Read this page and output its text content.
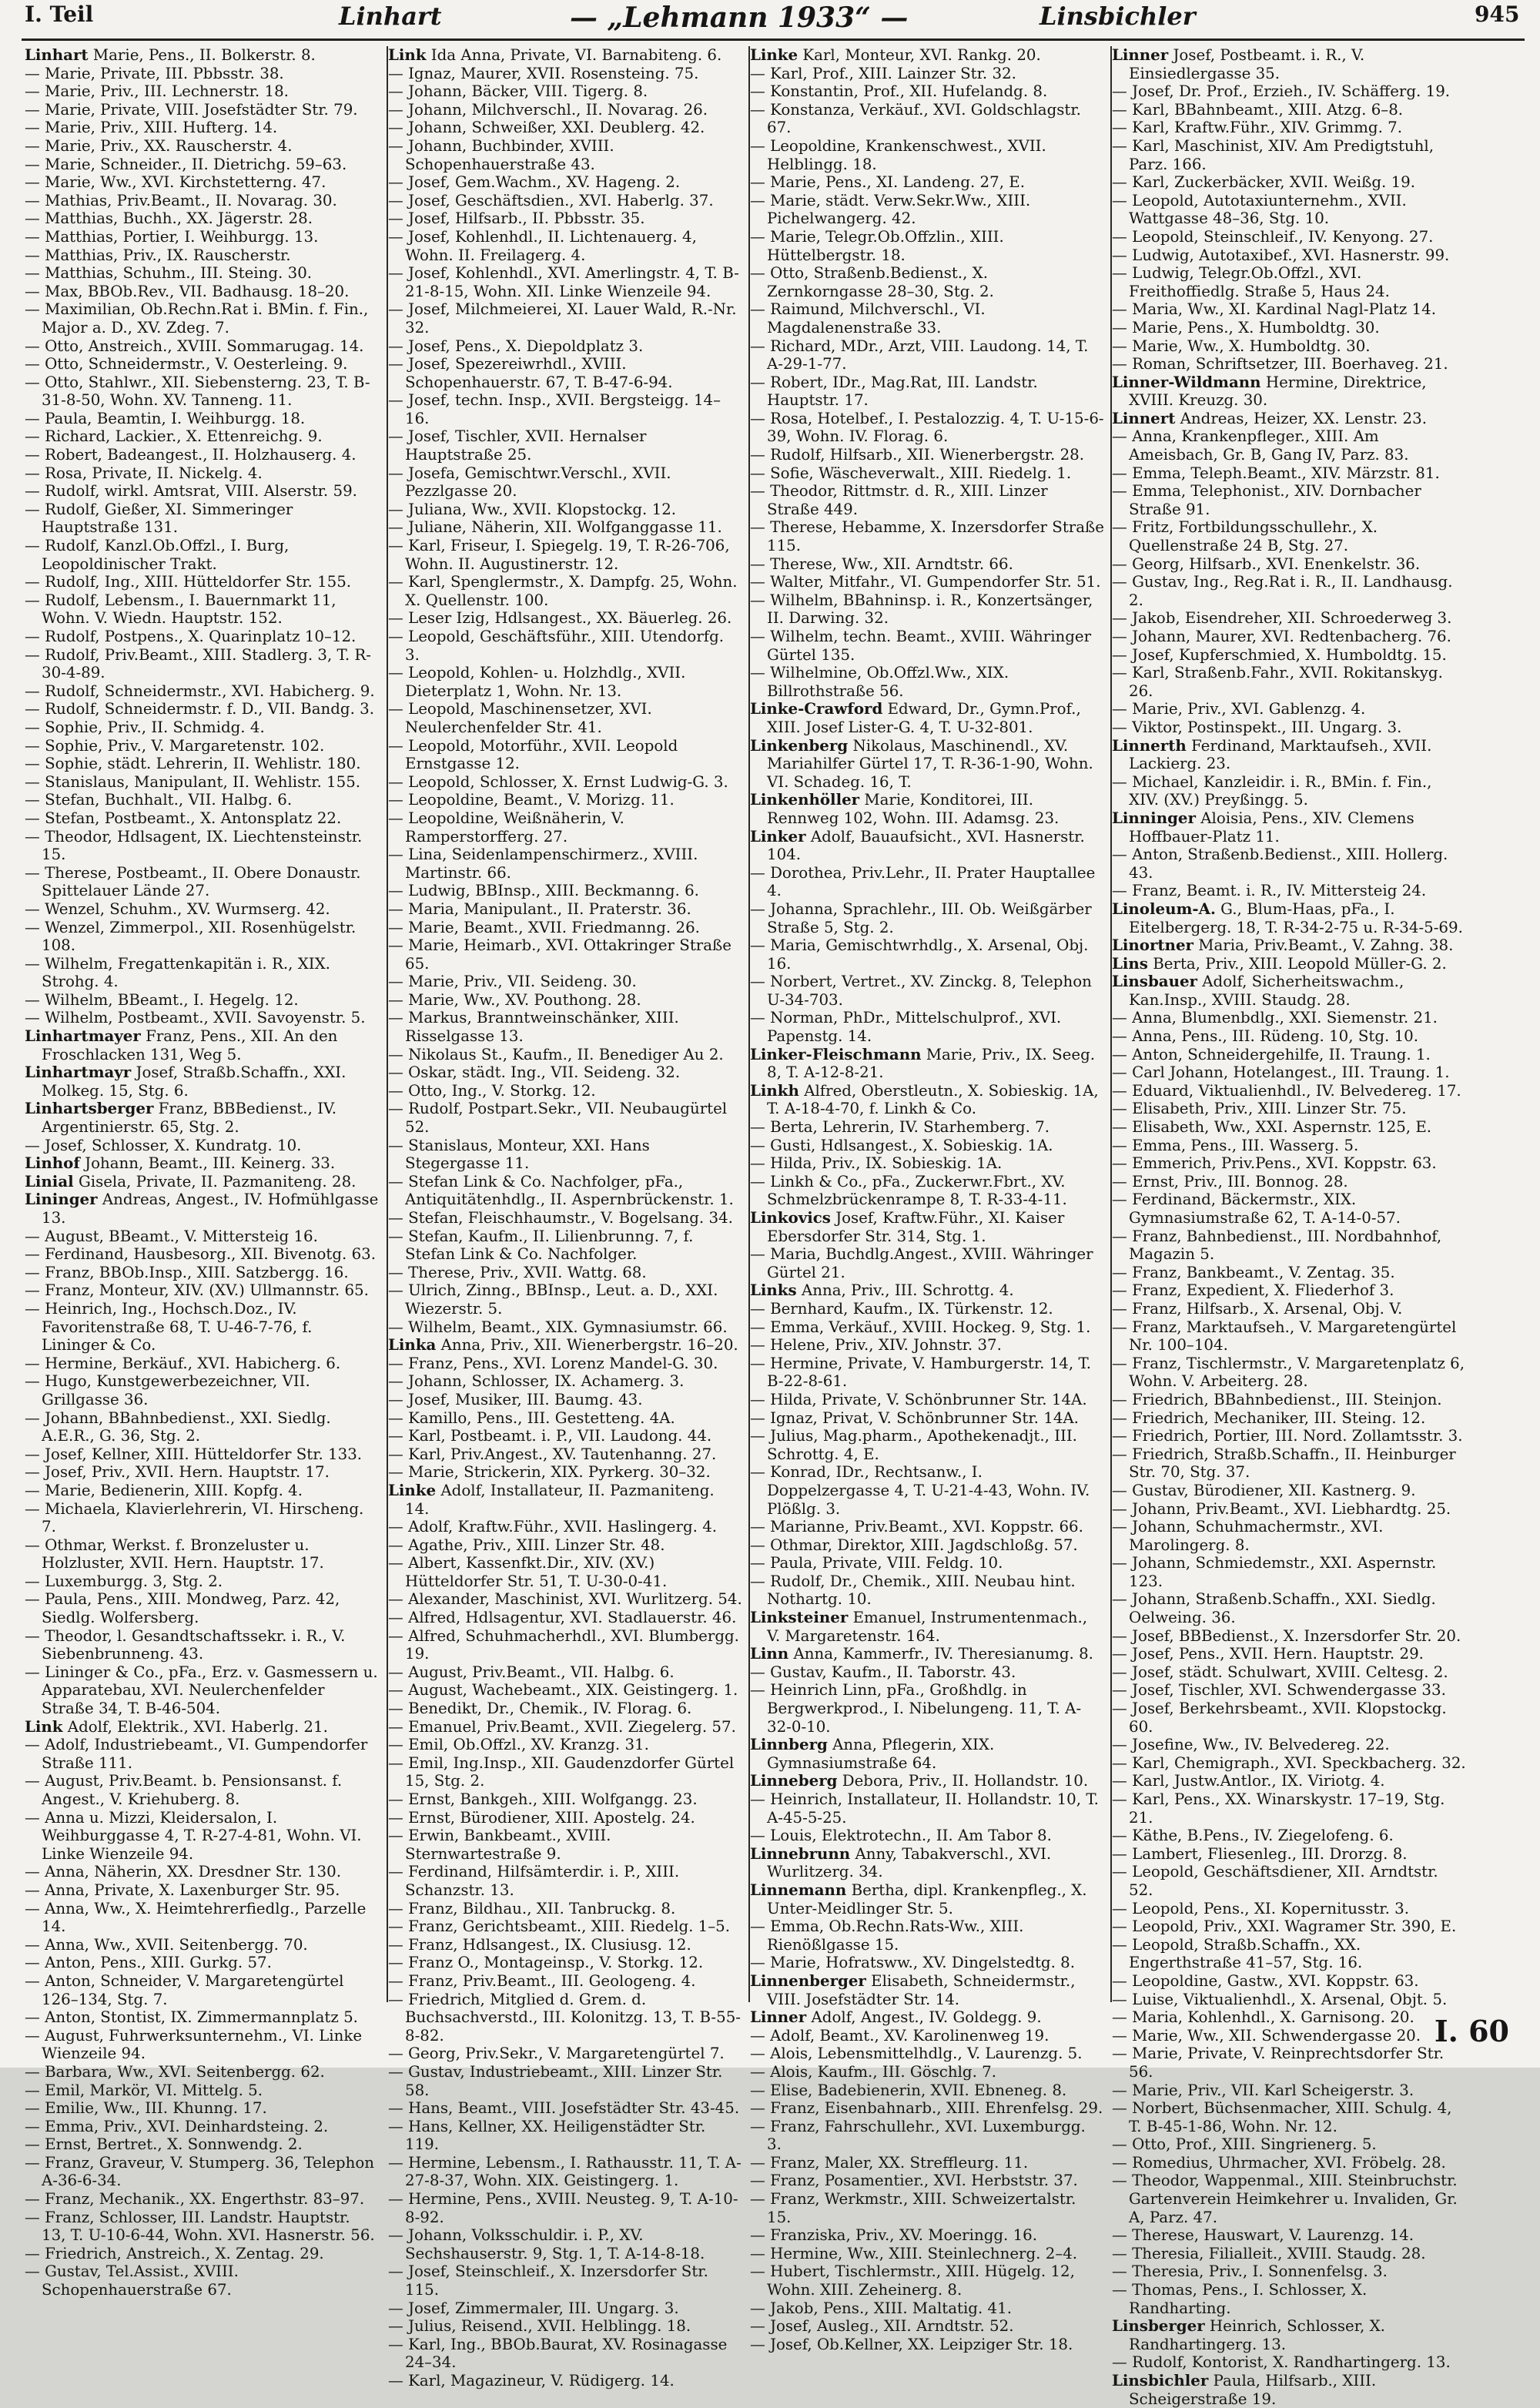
I. Teil	Linhart	— „Lehmann 1933“ —	Linsbichler	945
Linhart Marie, Pens., II. Bolkerstr. 8.
— Marie, Private, III. Pbbsstr. 38.
— Marie, Priv., III. Lechnerstr. 18.
— Marie, Private, VIII. Josefstädter Str. 79.
— Marie, Priv., XIII. Hufterg. 14.
— Marie, Priv., XX. Rauscherstr. 4.
— Marie, Schneider., II. Dietrichg. 59–63.
— Marie, Ww., XVI. Kirchstetterng. 47.
— Mathias, Priv.Beamt., II. Novarag. 30.
— Matthias, Buchh., XX. Jägerstr. 28.
— Matthias, Portier, I. Weihburgg. 13.
— Matthias, Priv., IX. Rauscherstr.
— Matthias, Schuhm., III. Steing. 30.
— Max, BBOb.Rev., VII. Badhausg. 18–20.
— Maximilian, Ob.Rechn.Rat i. BMin. f. Fin., Major a. D., XV. Zdeg. 7.
— Otto, Anstreich., XVIII. Sommarugag. 14.
— Otto, Schneidermstr., V. Oesterleing. 9.
— Otto, Stahlwr., XII. Siebensterng. 23, T. B-31-8-50, Wohn. XV. Tanneng. 11.
— Paula, Beamtin, I. Weihburgg. 18.
— Richard, Lackier., X. Ettenreichg. 9.
— Robert, Badeangest., II. Holzhauserg. 4.
— Rosa, Private, II. Nickelg. 4.
— Rudolf, wirkl. Amtsrat, VIII. Alserstr. 59.
— Rudolf, Gießer, XI. Simmeringer Hauptstraße 131.
— Rudolf, Kanzl.Ob.Offzl., I. Burg, Leopoldinischer Trakt.
— Rudolf, Ing., XIII. Hütteldorfer Str. 155.
— Rudolf, Lebensm., I. Bauernmarkt 11, Wohn. V. Wiedn. Hauptstr. 152.
— Rudolf, Postpens., X. Quarinplatz 10–12.
— Rudolf, Priv.Beamt., XIII. Stadlerg. 3, T. R-30-4-89.
— Rudolf, Schneidermstr., XVI. Habicherg. 9.
— Rudolf, Schneidermstr. f. D., VII. Bandg. 3.
— Sophie, Priv., II. Schmidg. 4.
— Sophie, Priv., V. Margaretenstr. 102.
— Sophie, städt. Lehrerin, II. Wehlistr. 180.
— Stanislaus, Manipulant, II. Wehlistr. 155.
— Stefan, Buchhalt., VII. Halbg. 6.
— Stefan, Postbeamt., X. Antonsplatz 22.
— Theodor, Hdlsagent, IX. Liechtensteinstr. 15.
— Therese, Postbeamt., II. Obere Donaustr. Spittelauer Lände 27.
— Wenzel, Schuhm., XV. Wurmserg. 42.
— Wenzel, Zimmerpol., XII. Rosenhügelstr. 108.
— Wilhelm, Fregattenkapitän i. R., XIX. Strohg. 4.
— Wilhelm, BBeamt., I. Hegelg. 12.
— Wilhelm, Postbeamt., XVII. Savoyenstr. 5.
Linhartmayer Franz, Pens., XII. An den Froschlacken 131, Weg 5.
Linhartmayr Josef, Straßb.Schaffn., XXI. Molkeg. 15, Stg. 6.
Linhartsberger Franz, BBBedienst., IV. Argentinierstr. 65, Stg. 2.
— Josef, Schlosser, X. Kundratg. 10.
Linhof Johann, Beamt., III. Keinerg. 33.
Linial Gisela, Private, II. Pazmaniteng. 28.
Lininger Andreas, Angest., IV. Hofmühlgasse 13.
— August, BBeamt., V. Mittersteig 16.
— Ferdinand, Hausbesorg., XII. Bivenotg. 63.
— Franz, BBOb.Insp., XIII. Satzbergg. 16.
— Franz, Monteur, XIV. (XV.) Ullmannstr. 65.
— Heinrich, Ing., Hochsch.Doz., IV. Favoritenstraße 68, T. U-46-7-76, f. Lininger & Co.
— Hermine, Berkäuf., XVI. Habicherg. 6.
— Hugo, Kunstgewerbezeichner, VII. Grillgasse 36.
— Johann, BBahnbedienst., XXI. Siedlg. A.E.R., G. 36, Stg. 2.
— Josef, Kellner, XIII. Hütteldorfer Str. 133.
— Josef, Priv., XVII. Hern. Hauptstr. 17.
— Marie, Bedienerin, XIII. Kopfg. 4.
— Michaela, Klavierlehrerin, VI. Hirscheng. 7.
— Othmar, Werkst. f. Bronzeluster u. Holzluster, XVII. Hern. Hauptstr. 17.
— Luxemburgg. 3, Stg. 2.
— Paula, Pens., XIII. Mondweg, Parz. 42, Siedlg. Wolfersberg.
— Theodor, l. Gesandtschaftssekr. i. R., V. Siebenbrunneng. 43.
— Lininger & Co., pFa., Erz. v. Gasmessern u. Apparatebau, XVI. Neulerchenfelder Straße 34, T. B-46-504.
Link Adolf, Elektrik., XVI. Haberlg. 21.
— Adolf, Industriebeamt., VI. Gumpendorfer Straße 111.
— August, Priv.Beamt. b. Pensionsanst. f. Angest., V. Kriehuberg. 8.
— Anna u. Mizzi, Kleidersalon, I. Weihburggasse 4, T. R-27-4-81, Wohn. VI. Linke Wienzeile 94.
— Anna, Näherin, XX. Dresdner Str. 130.
— Anna, Private, X. Laxenburger Str. 95.
— Anna, Ww., X. Heimtehrerfiedlg., Parzelle 14.
— Anna, Ww., XVII. Seitenbergg. 70.
— Anton, Pens., XIII. Gurkg. 57.
— Anton, Schneider, V. Margaretengürtel 126–134, Stg. 7.
— Anton, Stontist, IX. Zimmermannplatz 5.
— August, Fuhrwerksunternehm., VI. Linke Wienzeile 94.
— Barbara, Ww., XVI. Seitenbergg. 62.
— Emil, Markör, VI. Mittelg. 5.
— Emilie, Ww., III. Khunng. 17.
— Emma, Priv., XVI. Deinhardsteing. 2.
— Ernst, Bertret., X. Sonnwendg. 2.
— Franz, Graveur, V. Stumperg. 36, Telephon A-36-6-34.
— Franz, Mechanik., XX. Engerthstr. 83–97.
— Franz, Schlosser, III. Landstr. Hauptstr. 13, T. U-10-6-44, Wohn. XVI. Hasnerstr. 56.
— Friedrich, Anstreich., X. Zentag. 29.
— Gustav, Tel.Assist., XVIII. Schopenhauerstraße 67.
Link Ida Anna, Private, VI. Barnabiteng. 6.
— Ignaz, Maurer, XVII. Rosensteing. 75.
— Johann, Bäcker, VIII. Tigerg. 8.
— Johann, Milchverschl., II. Novarag. 26.
— Johann, Schweißer, XXI. Deublerg. 42.
— Johann, Buchbinder, XVIII. Schopenhauerstraße 43.
— Josef, Gem.Wachm., XV. Hageng. 2.
— Josef, Geschäftsdien., XVI. Haberlg. 37.
— Josef, Hilfsarb., II. Pbbsstr. 35.
— Josef, Kohlenhdl., II. Lichtenauerg. 4, Wohn. II. Freilagerg. 4.
— Josef, Kohlenhdl., XVI. Amerlingstr. 4, T. B-21-8-15, Wohn. XII. Linke Wienzeile 94.
— Josef, Milchmeierei, XI. Lauer Wald, R.-Nr. 32.
— Josef, Pens., X. Diepoldplatz 3.
— Josef, Spezereiwrhdl., XVIII. Schopenhauerstr. 67, T. B-47-6-94.
— Josef, techn. Insp., XVII. Bergsteigg. 14–16.
— Josef, Tischler, XVII. Hernalser Hauptstraße 25.
— Josefa, Gemischtwr.Verschl., XVII. Pezzlgasse 20.
— Juliana, Ww., XVII. Klopstockg. 12.
— Juliane, Näherin, XII. Wolfganggasse 11.
— Karl, Friseur, I. Spiegelg. 19, T. R-26-706, Wohn. II. Augustinerstr. 12.
— Karl, Spenglermstr., X. Dampfg. 25, Wohn. X. Quellenstr. 100.
— Leser Izig, Hdlsangest., XX. Bäuerleg. 26.
— Leopold, Geschäftsführ., XIII. Utendorfg. 3.
— Leopold, Kohlen- u. Holzhdlg., XVII. Dieterplatz 1, Wohn. Nr. 13.
— Leopold, Maschinensetzer, XVI. Neulerchenfelder Str. 41.
— Leopold, Motorführ., XVII. Leopold Ernstgasse 12.
— Leopold, Schlosser, X. Ernst Ludwig-G. 3.
— Leopoldine, Beamt., V. Morizg. 11.
— Leopoldine, Weißnäherin, V. Ramperstorfferg. 27.
— Lina, Seidenlampenschirmerz., XVIII. Martinstr. 66.
— Ludwig, BBInsp., XIII. Beckmanng. 6.
— Maria, Manipulant., II. Praterstr. 36.
— Marie, Beamt., XVII. Friedmanng. 26.
— Marie, Heimarb., XVI. Ottakringer Straße 65.
— Marie, Priv., VII. Seideng. 30.
— Marie, Ww., XV. Pouthong. 28.
— Markus, Branntweinschänker, XIII. Risselgasse 13.
— Nikolaus St., Kaufm., II. Benediger Au 2.
— Oskar, städt. Ing., VII. Seideng. 32.
— Otto, Ing., V. Storkg. 12.
— Rudolf, Postpart.Sekr., VII. Neubaugürtel 52.
— Stanislaus, Monteur, XXI. Hans Stegergasse 11.
— Stefan Link & Co. Nachfolger, pFa., Antiquitätenhdlg., II. Aspernbrückenstr. 1.
— Stefan, Fleischhaumstr., V. Bogelsang. 34.
— Stefan, Kaufm., II. Lilienbrunng. 7, f. Stefan Link & Co. Nachfolger.
— Therese, Priv., XVII. Wattg. 68.
— Ulrich, Zinng., BBInsp., Leut. a. D., XXI. Wiezerstr. 5.
— Wilhelm, Beamt., XIX. Gymnasiumstr. 66.
Linka Anna, Priv., XII. Wienerbergstr. 16–20.
— Franz, Pens., XVI. Lorenz Mandel-G. 30.
— Johann, Schlosser, IX. Achamerg. 3.
— Josef, Musiker, III. Baumg. 43.
— Kamillo, Pens., III. Gestetteng. 4A.
— Karl, Postbeamt. i. P., VII. Laudong. 44.
— Karl, Priv.Angest., XV. Tautenhanng. 27.
— Marie, Strickerin, XIX. Pyrkerg. 30–32.
Linke Adolf, Installateur, II. Pazmaniteng. 14.
— Adolf, Kraftw.Führ., XVII. Haslingerg. 4.
— Agathe, Priv., XIII. Linzer Str. 48.
— Albert, Kassenfkt.Dir., XIV. (XV.) Hütteldorfer Str. 51, T. U-30-0-41.
— Alexander, Maschinist, XVI. Wurlitzerg. 54.
— Alfred, Hdlsagentur, XVI. Stadlauerstr. 46.
— Alfred, Schuhmacherhdl., XVI. Blumbergg. 19.
— August, Priv.Beamt., VII. Halbg. 6.
— August, Wachebeamt., XIX. Geistingerg. 1.
— Benedikt, Dr., Chemik., IV. Florag. 6.
— Emanuel, Priv.Beamt., XVII. Ziegelerg. 57.
— Emil, Ob.Offzl., XV. Kranzg. 31.
— Emil, Ing.Insp., XII. Gaudenzdorfer Gürtel 15, Stg. 2.
— Ernst, Bankgeh., XIII. Wolfgangg. 23.
— Ernst, Bürodiener, XIII. Apostelg. 24.
— Erwin, Bankbeamt., XVIII. Sternwartestraße 9.
— Ferdinand, Hilfsämterdir. i. P., XIII. Schanzstr. 13.
— Franz, Bildhau., XII. Tanbruckg. 8.
— Franz, Gerichtsbeamt., XIII. Riedelg. 1–5.
— Franz, Hdlsangest., IX. Clusiusg. 12.
— Franz O., Montageinsp., V. Storkg. 12.
— Franz, Priv.Beamt., III. Geologeng. 4.
— Friedrich, Mitglied d. Grem. d. Buchsachverstd., III. Kolonitzg. 13, T. B-55-8-82.
— Georg, Priv.Sekr., V. Margaretengürtel 7.
— Gustav, Industriebeamt., XIII. Linzer Str. 58.
— Hans, Beamt., VIII. Josefstädter Str. 43-45.
— Hans, Kellner, XX. Heiligenstädter Str. 119.
— Hermine, Lebensm., I. Rathausstr. 11, T. A-27-8-37, Wohn. XIX. Geistingerg. 1.
— Hermine, Pens., XVIII. Neusteg. 9, T. A-10-8-92.
— Johann, Volksschuldir. i. P., XV. Sechshauserstr. 9, Stg. 1, T. A-14-8-18.
— Josef, Steinschleif., X. Inzersdorfer Str. 115.
— Josef, Zimmermaler, III. Ungarg. 3.
— Julius, Reisend., XVII. Helblingg. 18.
— Karl, Ing., BBOb.Baurat, XV. Rosinagasse 24–34.
— Karl, Magazineur, V. Rüdigerg. 14.
Linke Karl, Monteur, XVI. Rankg. 20.
— Karl, Prof., XIII. Lainzer Str. 32.
— Konstantin, Prof., XII. Hufelandg. 8.
— Konstanza, Verkäuf., XVI. Goldschlagstr. 67.
— Leopoldine, Krankenschwest., XVII. Helblingg. 18.
— Marie, Pens., XI. Landeng. 27, E.
— Marie, städt. Verw.Sekr.Ww., XIII. Pichelwangerg. 42.
— Marie, Telegr.Ob.Offzlin., XIII. Hüttelbergstr. 18.
— Otto, Straßenb.Bedienst., X. Zernkorngasse 28–30, Stg. 2.
— Raimund, Milchverschl., VI. Magdalenenstraße 33.
— Richard, MDr., Arzt, VIII. Laudong. 14, T. A-29-1-77.
— Robert, IDr., Mag.Rat, III. Landstr. Hauptstr. 17.
— Rosa, Hotelbef., I. Pestalozzig. 4, T. U-15-6-39, Wohn. IV. Florag. 6.
— Rudolf, Hilfsarb., XII. Wienerbergstr. 28.
— Sofie, Wäscheverwalt., XIII. Riedelg. 1.
— Theodor, Rittmstr. d. R., XIII. Linzer Straße 449.
— Therese, Hebamme, X. Inzersdorfer Straße 115.
— Therese, Ww., XII. Arndtstr. 66.
— Walter, Mitfahr., VI. Gumpendorfer Str. 51.
— Wilhelm, BBahninsp. i. R., Konzertsänger, II. Darwing. 32.
— Wilhelm, techn. Beamt., XVIII. Währinger Gürtel 135.
— Wilhelmine, Ob.Offzl.Ww., XIX. Billrothstraße 56.
Linke-Crawford Edward, Dr., Gymn.Prof., XIII. Josef Lister-G. 4, T. U-32-801.
Linkenberg Nikolaus, Maschinendl., XV. Mariahilfer Gürtel 17, T. R-36-1-90, Wohn. VI. Schadeg. 16, T.
Linkenhöller Marie, Konditorei, III. Rennweg 102, Wohn. III. Adamsg. 23.
Linker Adolf, Bauaufsicht., XVI. Hasnerstr. 104.
— Dorothea, Priv.Lehr., II. Prater Hauptallee 4.
— Johanna, Sprachlehr., III. Ob. Weißgärber Straße 5, Stg. 2.
— Maria, Gemischtwrhdlg., X. Arsenal, Obj. 16.
— Norbert, Vertret., XV. Zinckg. 8, Telephon U-34-703.
— Norman, PhDr., Mittelschulprof., XVI. Papenstg. 14.
Linker-Fleischmann Marie, Priv., IX. Seeg. 8, T. A-12-8-21.
Linkh Alfred, Oberstleutn., X. Sobieskig. 1A, T. A-18-4-70, f. Linkh & Co.
— Berta, Lehrerin, IV. Starhemberg. 7.
— Gusti, Hdlsangest., X. Sobieskig. 1A.
— Hilda, Priv., IX. Sobieskig. 1A.
— Linkh & Co., pFa., Zuckerwr.Fbrt., XV. Schmelzbrückenrampe 8, T. R-33-4-11.
Linkovics Josef, Kraftw.Führ., XI. Kaiser Ebersdorfer Str. 314, Stg. 1.
— Maria, Buchdlg.Angest., XVIII. Währinger Gürtel 21.
Links Anna, Priv., III. Schrottg. 4.
— Bernhard, Kaufm., IX. Türkenstr. 12.
— Emma, Verkäuf., XVIII. Hockeg. 9, Stg. 1.
— Helene, Priv., XIV. Johnstr. 37.
— Hermine, Private, V. Hamburgerstr. 14, T. B-22-8-61.
— Hilda, Private, V. Schönbrunner Str. 14A.
— Ignaz, Privat, V. Schönbrunner Str. 14A.
— Julius, Mag.pharm., Apothekenadjt., III. Schrottg. 4, E.
— Konrad, IDr., Rechtsanw., I. Doppelzergasse 4, T. U-21-4-43, Wohn. IV. Plößlg. 3.
— Marianne, Priv.Beamt., XVI. Koppstr. 66.
— Othmar, Direktor, XIII. Jagdschloßg. 57.
— Paula, Private, VIII. Feldg. 10.
— Rudolf, Dr., Chemik., XIII. Neubau hint. Nothartg. 10.
Linksteiner Emanuel, Instrumentenmach., V. Margaretenstr. 164.
Linn Anna, Kammerfr., IV. Theresianumg. 8.
— Gustav, Kaufm., II. Taborstr. 43.
— Heinrich Linn, pFa., Großhdlg. in Bergwerkprod., I. Nibelungeng. 11, T. A-32-0-10.
Linnberg Anna, Pflegerin, XIX. Gymnasiumstraße 64.
Linneberg Debora, Priv., II. Hollandstr. 10.
— Heinrich, Installateur, II. Hollandstr. 10, T. A-45-5-25.
— Louis, Elektrotechn., II. Am Tabor 8.
Linnebrunn Anny, Tabakverschl., XVI. Wurlitzerg. 34.
Linnemann Bertha, dipl. Krankenpfleg., X. Unter-Meidlinger Str. 5.
— Emma, Ob.Rechn.Rats-Ww., XIII. Rienößlgasse 15.
— Marie, Hofratsww., XV. Dingelstedtg. 8.
Linnenberger Elisabeth, Schneidermstr., VIII. Josefstädter Str. 14.
Linner Adolf, Angest., IV. Goldegg. 9.
— Adolf, Beamt., XV. Karolinenweg 19.
— Alois, Lebensmittelhdlg., V. Laurenzg. 5.
— Alois, Kaufm., III. Göschlg. 7.
— Elise, Badebienerin, XVII. Ebneneg. 8.
— Franz, Eisenbahnarb., XIII. Ehrenfelsg. 29.
— Franz, Fahrschullehr., XVI. Luxemburgg. 3.
— Franz, Maler, XX. Streffleurg. 11.
— Franz, Posamentier., XVI. Herbststr. 37.
— Franz, Werkmstr., XIII. Schweizertalstr. 15.
— Franziska, Priv., XV. Moeringg. 16.
— Hermine, Ww., XIII. Steinlechnerg. 2–4.
— Hubert, Tischlermstr., XIII. Hügelg. 12, Wohn. XIII. Zeheinerg. 8.
— Jakob, Pens., XIII. Maltatig. 41.
— Josef, Ausleg., XII. Arndtstr. 52.
— Josef, Ob.Kellner, XX. Leipziger Str. 18.
Linner Josef, Postbeamt. i. R., V. Einsiedlergasse 35.
— Josef, Dr. Prof., Erzieh., IV. Schäfferg. 19.
— Karl, BBahnbeamt., XIII. Atzg. 6–8.
— Karl, Kraftw.Führ., XIV. Grimmg. 7.
— Karl, Maschinist, XIV. Am Predigtstuhl, Parz. 166.
— Karl, Zuckerbäcker, XVII. Weißg. 19.
— Leopold, Autotaxiunternehm., XVII. Wattgasse 48–36, Stg. 10.
— Leopold, Steinschleif., IV. Kenyong. 27.
— Ludwig, Autotaxibef., XVI. Hasnerstr. 99.
— Ludwig, Telegr.Ob.Offzl., XVI. Freithoffiedlg. Straße 5, Haus 24.
— Maria, Ww., XI. Kardinal Nagl-Platz 14.
— Marie, Pens., X. Humboldtg. 30.
— Marie, Ww., X. Humboldtg. 30.
— Roman, Schriftsetzer, III. Boerhaveg. 21.
Linner-Wildmann Hermine, Direktrice, XVIII. Kreuzg. 30.
Linnert Andreas, Heizer, XX. Lenstr. 23.
— Anna, Krankenpfleger., XIII. Am Ameisbach, Gr. B, Gang IV, Parz. 83.
— Emma, Teleph.Beamt., XIV. Märzstr. 81.
— Emma, Telephonist., XIV. Dornbacher Straße 91.
— Fritz, Fortbildungsschullehr., X. Quellenstraße 24 B, Stg. 27.
— Georg, Hilfsarb., XVI. Enenkelstr. 36.
— Gustav, Ing., Reg.Rat i. R., II. Landhausg. 2.
— Jakob, Eisendreher, XII. Schroederweg 3.
— Johann, Maurer, XVI. Redtenbacherg. 76.
— Josef, Kupferschmied, X. Humboldtg. 15.
— Karl, Straßenb.Fahr., XVII. Rokitanskyg. 26.
— Marie, Priv., XVI. Gablenzg. 4.
— Viktor, Postinspekt., III. Ungarg. 3.
Linnerth Ferdinand, Marktaufseh., XVII. Lackierg. 23.
— Michael, Kanzleidir. i. R., BMin. f. Fin., XIV. (XV.) Preyßingg. 5.
Linninger Aloisia, Pens., XIV. Clemens Hoffbauer-Platz 11.
— Anton, Straßenb.Bedienst., XIII. Hollerg. 43.
— Franz, Beamt. i. R., IV. Mittersteig 24.
Linoleum-A. G., Blum-Haas, pFa., I. Eitelbergerg. 18, T. R-34-2-75 u. R-34-5-69.
Linortner Maria, Priv.Beamt., V. Zahng. 38.
Lins Berta, Priv., XIII. Leopold Müller-G. 2.
Linsbauer Adolf, Sicherheitswachm., Kan.Insp., XVIII. Staudg. 28.
— Anna, Blumenbdlg., XXI. Siemenstr. 21.
— Anna, Pens., III. Rüdeng. 10, Stg. 10.
— Anton, Schneidergehilfe, II. Traung. 1.
— Carl Johann, Hotelangest., III. Traung. 1.
— Eduard, Viktualienhdl., IV. Belvedereg. 17.
— Elisabeth, Priv., XIII. Linzer Str. 75.
— Elisabeth, Ww., XXI. Aspernstr. 125, E.
— Emma, Pens., III. Wasserg. 5.
— Emmerich, Priv.Pens., XVI. Koppstr. 63.
— Ernst, Priv., III. Bonnog. 28.
— Ferdinand, Bäckermstr., XIX. Gymnasiumstraße 62, T. A-14-0-57.
— Franz, Bahnbedienst., III. Nordbahnhof, Magazin 5.
— Franz, Bankbeamt., V. Zentag. 35.
— Franz, Expedient, X. Fliederhof 3.
— Franz, Hilfsarb., X. Arsenal, Obj. V.
— Franz, Marktaufseh., V. Margaretengürtel Nr. 100–104.
— Franz, Tischlermstr., V. Margaretenplatz 6, Wohn. V. Arbeiterg. 28.
— Friedrich, BBahnbedienst., III. Steinjon.
— Friedrich, Mechaniker, III. Steing. 12.
— Friedrich, Portier, III. Nord. Zollamtsstr. 3.
— Friedrich, Straßb.Schaffn., II. Heinburger Str. 70, Stg. 37.
— Gustav, Bürodiener, XII. Kastnerg. 9.
— Johann, Priv.Beamt., XVI. Liebhardtg. 25.
— Johann, Schuhmachermstr., XVI. Marolingerg. 8.
— Johann, Schmiedemstr., XXI. Aspernstr. 123.
— Johann, Straßenb.Schaffn., XXI. Siedlg. Oelweing. 36.
— Josef, BBBedienst., X. Inzersdorfer Str. 20.
— Josef, Pens., XVII. Hern. Hauptstr. 29.
— Josef, städt. Schulwart, XVIII. Celtesg. 2.
— Josef, Tischler, XVI. Schwendergasse 33.
— Josef, Berkehrsbeamt., XVII. Klopstockg. 60.
— Josefine, Ww., IV. Belvedereg. 22.
— Karl, Chemigraph., XVI. Speckbacherg. 32.
— Karl, Justw.Antlor., IX. Viriotg. 4.
— Karl, Pens., XX. Winarskystr. 17–19, Stg. 21.
— Käthe, B.Pens., IV. Ziegelofeng. 6.
— Lambert, Fliesenleg., III. Drorzg. 8.
— Leopold, Geschäftsdiener, XII. Arndtstr. 52.
— Leopold, Pens., XI. Kopernitusstr. 3.
— Leopold, Priv., XXI. Wagramer Str. 390, E.
— Leopold, Straßb.Schaffn., XX. Engerthstraße 41–57, Stg. 16.
— Leopoldine, Gastw., XVI. Koppstr. 63.
— Luise, Viktualienhdl., X. Arsenal, Objt. 5.
— Maria, Kohlenhdl., X. Garnisong. 20.
— Marie, Ww., XII. Schwendergasse 20.
— Marie, Private, V. Reinprechtsdorfer Str. 56.
— Marie, Priv., VII. Karl Scheigerstr. 3.
— Norbert, Büchsenmacher, XIII. Schulg. 4, T. B-45-1-86, Wohn. Nr. 12.
— Otto, Prof., XIII. Singrienerg. 5.
— Romedius, Uhrmacher, XVI. Fröbelg. 28.
— Theodor, Wappenmal., XIII. Steinbruchstr. Gartenverein Heimkehrer u. Invaliden, Gr. A, Parz. 47.
— Therese, Hauswart, V. Laurenzg. 14.
— Theresia, Filialleit., XVIII. Staudg. 28.
— Theresia, Priv., I. Sonnenfelsg. 3.
— Thomas, Pens., I. Schlosser, X. Randharting.
Linsberger Heinrich, Schlosser, X. Randhartingerg. 13.
— Rudolf, Kontorist, X. Randhartingerg. 13.
Linsbichler Paula, Hilfsarb., XIII. Scheigerstraße 19.
I. 60
